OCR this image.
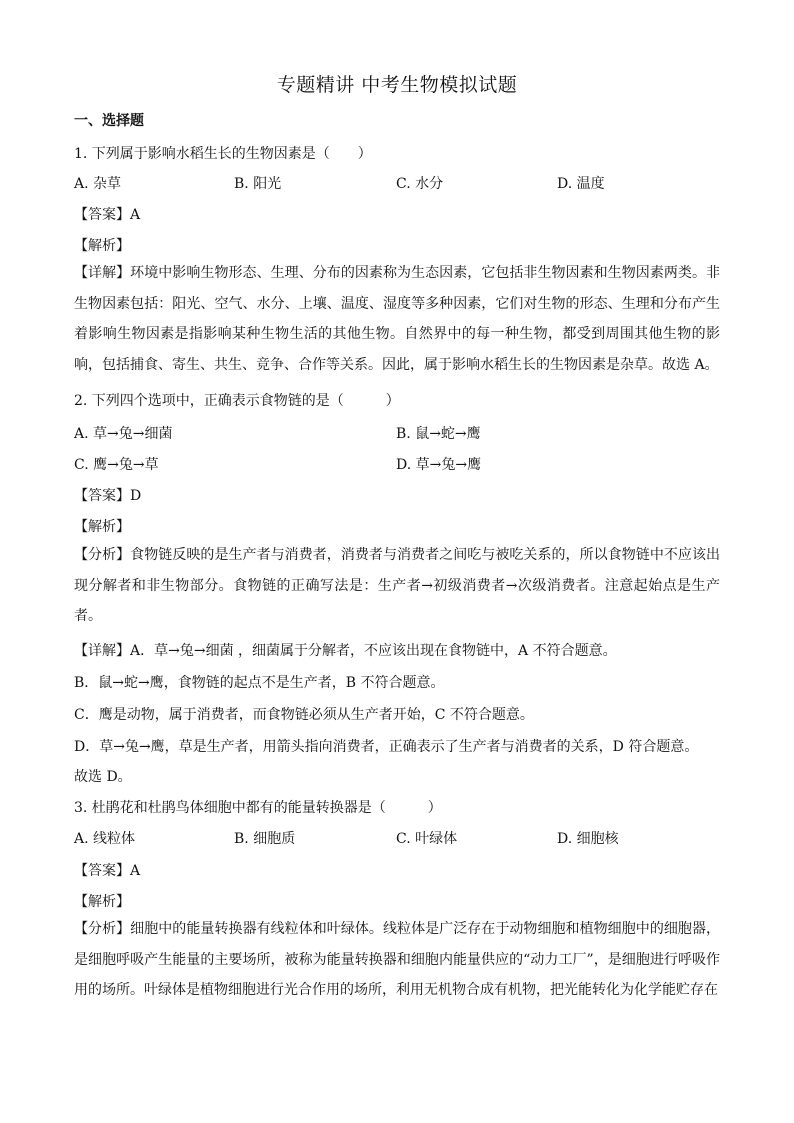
专题精讲 中考生物模拟试题
一、选择题
1. 下列属于影响水稻生长的生物因素是（　　）
A. 杂草	B. 阳光	C. 水分	D. 温度
【答案】A
【解析】
【详解】环境中影响生物形态、生理、分布的因素称为生态因素，它包括非生物因素和生物因素两类。非生物因素包括：阳光、空气、水分、上壤、温度、湿度等多种因素，它们对生物的形态、生理和分布产生着影响生物因素是指影响某种生物生活的其他生物。自然界中的每一种生物，都受到周围其他生物的影响，包括捕食、寄生、共生、竞争、合作等关系。因此，属于影响水稻生长的生物因素是杂草。故选 A。
2. 下列四个选项中，正确表示食物链的是（　　　）
A. 草→兔→细菌	B. 鼠→蛇→鹰
C. 鹰→兔→草	D. 草→兔→鹰
【答案】D
【解析】
【分析】食物链反映的是生产者与消费者，消费者与消费者之间吃与被吃关系的，所以食物链中不应该出现分解者和非生物部分。食物链的正确写法是：生产者→初级消费者→次级消费者。注意起始点是生产者。
【详解】A．草→兔→细菌 ，细菌属于分解者，不应该出现在食物链中，A 不符合题意。
B．鼠→蛇→鹰，食物链的起点不是生产者，B 不符合题意。
C．鹰是动物，属于消费者，而食物链必须从生产者开始，C 不符合题意。
D．草→兔→鹰，草是生产者，用箭头指向消费者，正确表示了生产者与消费者的关系，D 符合题意。
故选 D。
3. 杜鹃花和杜鹃鸟体细胞中都有的能量转换器是（　　　）
A. 线粒体	B. 细胞质	C. 叶绿体	D. 细胞核
【答案】A
【解析】
【分析】细胞中的能量转换器有线粒体和叶绿体。线粒体是广泛存在于动物细胞和植物细胞中的细胞器，是细胞呼吸产生能量的主要场所，被称为能量转换器和细胞内能量供应的“动力工厂”，是细胞进行呼吸作用的场所。叶绿体是植物细胞进行光合作用的场所，利用无机物合成有机物，把光能转化为化学能贮存在
